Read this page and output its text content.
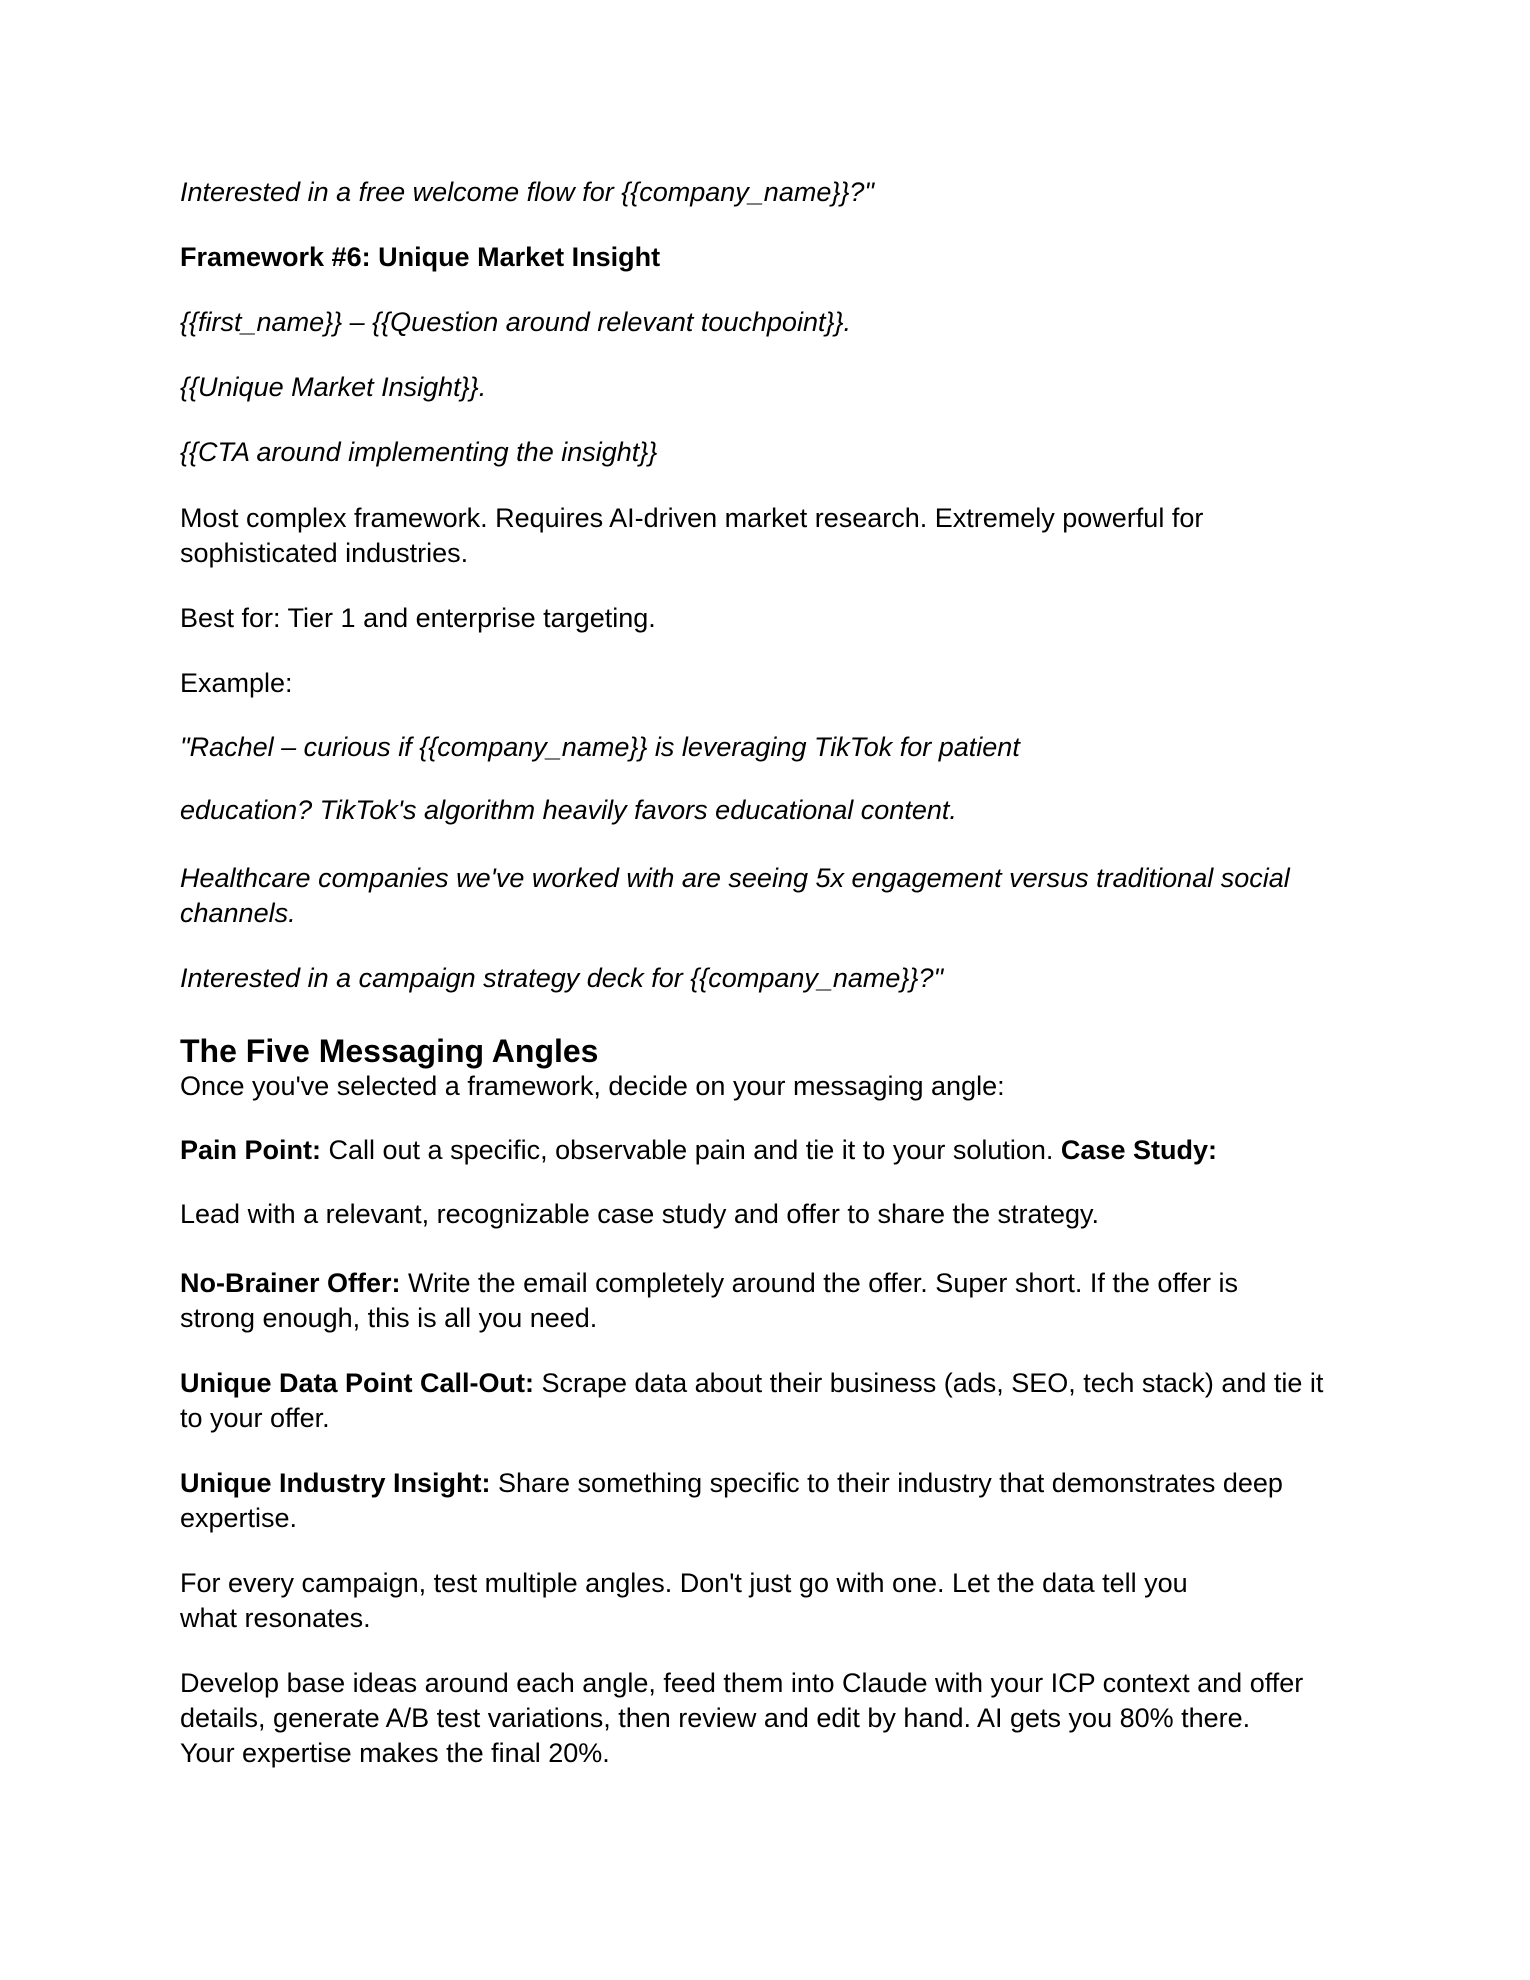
Interested in a free welcome flow for {{company_name}}?"

Framework #6: Unique Market Insight

{{first_name}} – {{Question around relevant touchpoint}}.

{{Unique Market Insight}}.

{{CTA around implementing the insight}}

Most complex framework. Requires AI-driven market research. Extremely powerful for

sophisticated industries.

Best for: Tier 1 and enterprise targeting.

Example:

"Rachel – curious if {{company_name}} is leveraging TikTok for patient

education? TikTok's algorithm heavily favors educational content.

Healthcare companies we've worked with are seeing 5x engagement versus traditional social

channels.

Interested in a campaign strategy deck for {{company_name}}?"

The Five Messaging Angles

Once you've selected a framework, decide on your messaging angle:

Pain Point: Call out a specific, observable pain and tie it to your solution. Case Study:

Lead with a relevant, recognizable case study and offer to share the strategy.

No-Brainer Offer: Write the email completely around the offer. Super short. If the offer is

strong enough, this is all you need.

Unique Data Point Call-Out: Scrape data about their business (ads, SEO, tech stack) and tie it

to your offer.

Unique Industry Insight: Share something specific to their industry that demonstrates deep

expertise.

For every campaign, test multiple angles. Don't just go with one. Let the data tell you

what resonates.

Develop base ideas around each angle, feed them into Claude with your ICP context and offer

details, generate A/B test variations, then review and edit by hand. AI gets you 80% there.

Your expertise makes the final 20%.
